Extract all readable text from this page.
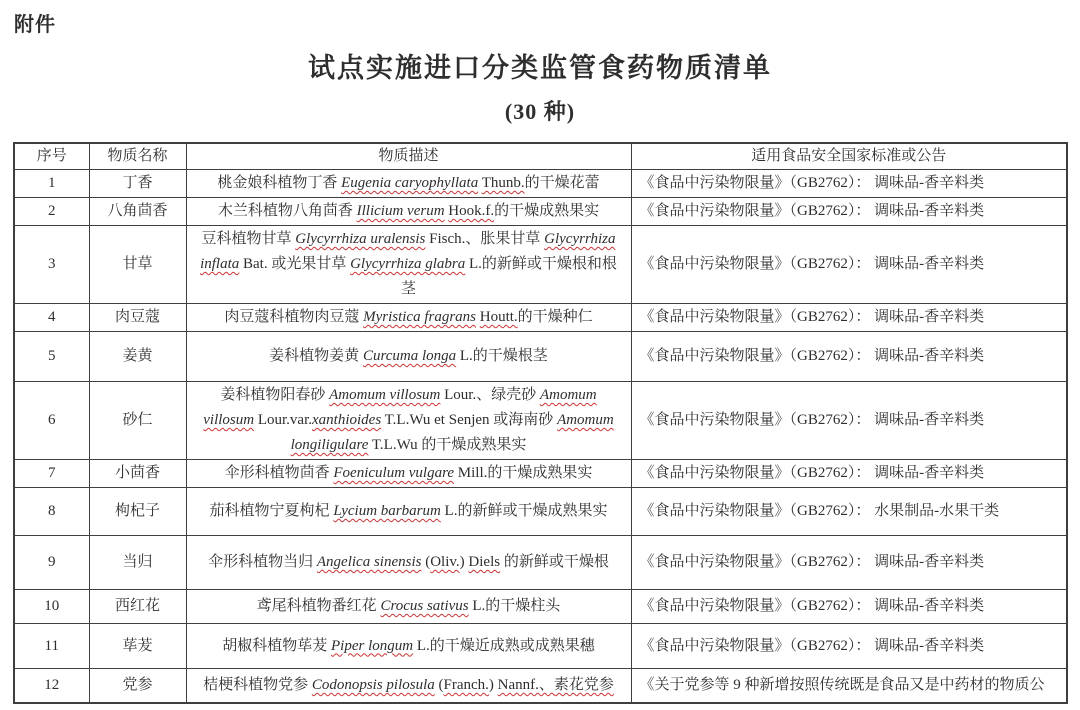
附件
试点实施进口分类监管食药物质清单
(30 种)
序号	物质名称	物质描述	适用食品安全国家标准或公告
1	丁香	桃金娘科植物丁香 Eugenia caryophyllata Thunb.的干燥花蕾	《食品中污染物限量》（GB2762）： 调味品-香辛料类
2	八角茴香	木兰科植物八角茴香 Illicium verum Hook.f.的干燥成熟果实	《食品中污染物限量》（GB2762）： 调味品-香辛料类
3	甘草	豆科植物甘草 Glycyrrhiza uralensis Fisch.、胀果甘草 Glycyrrhiza inflata Bat. 或光果甘草 Glycyrrhiza glabra L.的新鲜或干燥根和根茎	《食品中污染物限量》（GB2762）： 调味品-香辛料类
4	肉豆蔻	肉豆蔻科植物肉豆蔻 Myristica fragrans Houtt.的干燥种仁	《食品中污染物限量》（GB2762）： 调味品-香辛料类
5	姜黄	姜科植物姜黄 Curcuma longa L.的干燥根茎	《食品中污染物限量》（GB2762）： 调味品-香辛料类
6	砂仁	姜科植物阳春砂 Amomum villosum Lour.、绿壳砂 Amomum villosum Lour.var.xanthioides T.L.Wu et Senjen 或海南砂 Amomum longiligulare T.L.Wu 的干燥成熟果实	《食品中污染物限量》（GB2762）： 调味品-香辛料类
7	小茴香	伞形科植物茴香 Foeniculum vulgare Mill.的干燥成熟果实	《食品中污染物限量》（GB2762）： 调味品-香辛料类
8	枸杞子	茄科植物宁夏枸杞 Lycium barbarum L.的新鲜或干燥成熟果实	《食品中污染物限量》（GB2762）： 水果制品-水果干类
9	当归	伞形科植物当归 Angelica sinensis (Oliv.) Diels 的新鲜或干燥根	《食品中污染物限量》（GB2762）： 调味品-香辛料类
10	西红花	鸢尾科植物番红花 Crocus sativus L.的干燥柱头	《食品中污染物限量》（GB2762）： 调味品-香辛料类
11	荜茇	胡椒科植物荜茇 Piper longum L.的干燥近成熟或成熟果穗	《食品中污染物限量》（GB2762）： 调味品-香辛料类
12	党参	桔梗科植物党参 Codonopsis pilosula (Franch.) Nannf.、素花党参	《关于党参等 9 种新增按照传统既是食品又是中药材的物质公
